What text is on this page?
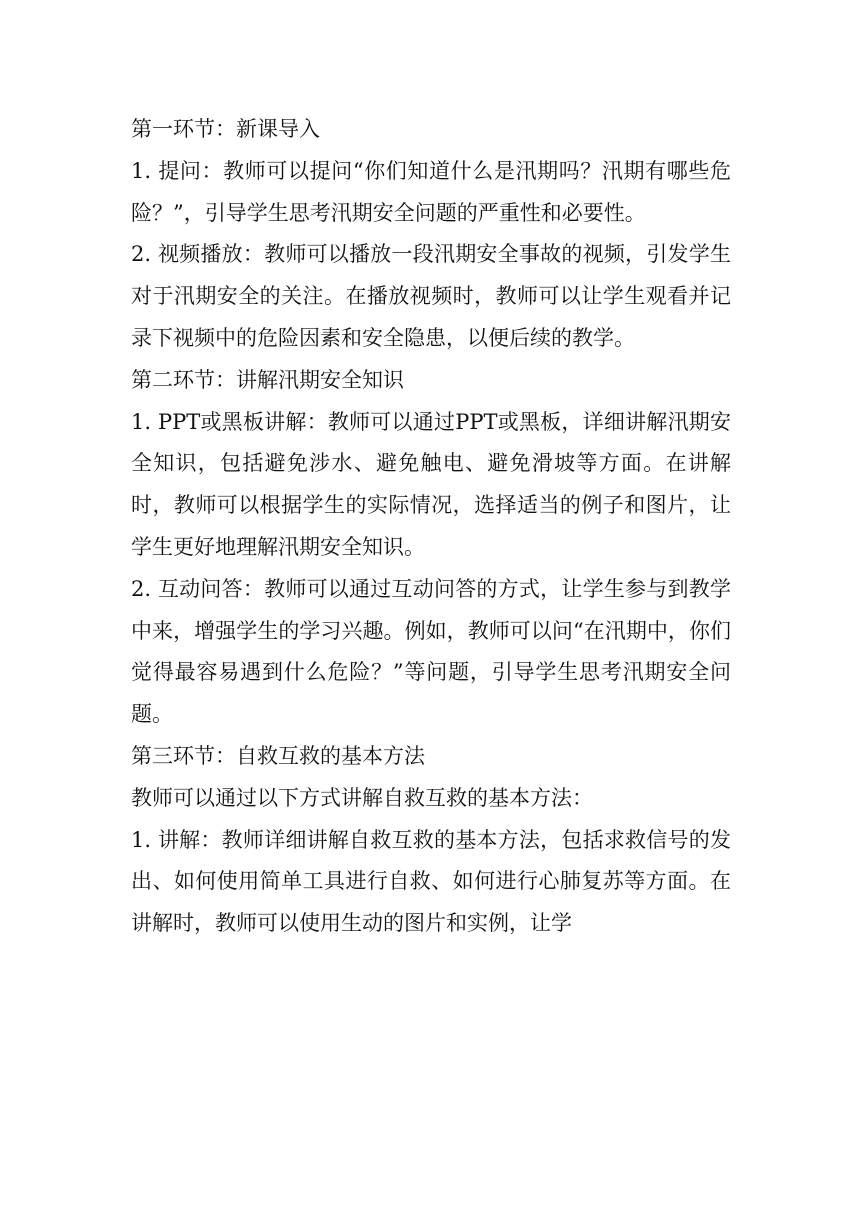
第一环节：新课导入

1. 提问：教师可以提问“你们知道什么是汛期吗？汛期有哪些危险？”，引导学生思考汛期安全问题的严重性和必要性。

2. 视频播放：教师可以播放一段汛期安全事故的视频，引发学生对于汛期安全的关注。在播放视频时，教师可以让学生观看并记录下视频中的危险因素和安全隐患，以便后续的教学。

第二环节：讲解汛期安全知识

1. PPT或黑板讲解：教师可以通过PPT或黑板，详细讲解汛期安全知识，包括避免涉水、避免触电、避免滑坡等方面。在讲解时，教师可以根据学生的实际情况，选择适当的例子和图片，让学生更好地理解汛期安全知识。

2. 互动问答：教师可以通过互动问答的方式，让学生参与到教学中来，增强学生的学习兴趣。例如，教师可以问“在汛期中，你们觉得最容易遇到什么危险？”等问题，引导学生思考汛期安全问题。

第三环节：自救互救的基本方法

教师可以通过以下方式讲解自救互救的基本方法：

1. 讲解：教师详细讲解自救互救的基本方法，包括求救信号的发出、如何使用简单工具进行自救、如何进行心肺复苏等方面。在讲解时，教师可以使用生动的图片和实例，让学
